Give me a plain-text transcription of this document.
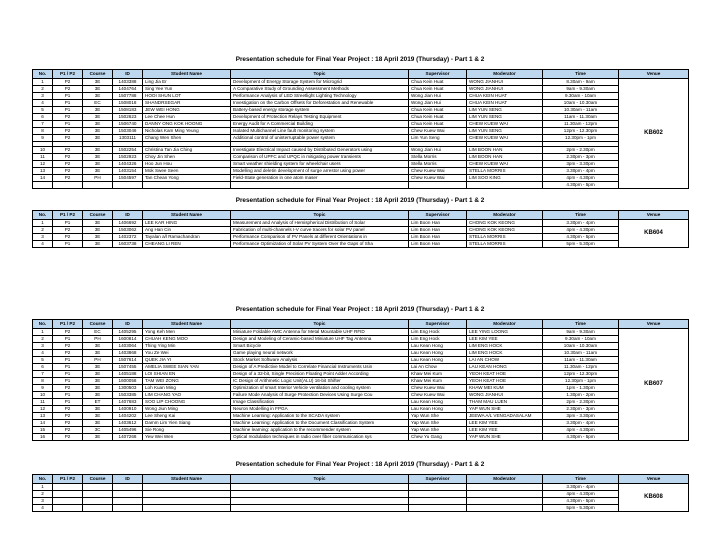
Presentation schedule for Final Year Project : 18 April 2019 (Thursday) - Part 1 & 2
No.	P1 / P2	Course	ID	Student Name	Topic	Supervisor	Moderator	Time	Venue
1	P2	3E	1403388	Ling Jia Er	Development of Energy Storage System for Microgrid	Chua Kein Huat	WONG JIANHUI	8.30am - 9am	KB602
2	P2	3E	1404764	Sing Yee Yun	A Comparative Study of Grounding Assessment Methods	Chua Kein Huat	WONG JIANHUI	9am - 9.30am	
3	P1	3E	1507788	HOOI SHUN LOT	Performance Analysis of LED Streetlight Lighting Technology	Wong Jian Hui	CHUA KEIN HUAT	9.30am - 10am	
4	P1	EC	1508018	SHANDRSEGAR	Investigation on the Carbon Offsets for Deforestation and Renewable	Wong Jian Hui	CHUA KEIN HUAT	10am - 10.30am	
5	P1	3E	1508183	JEW WEI HONG	Battery-based energy storage system	Chua Kein Huat	LIM YUN SENG	10.30am - 11am	
6	P2	3E	1502623	Lee Chee Hun	Development of Protection Relays Testing Equipment	Chua Kein Huat	LIM YUN SENG	11am - 11.30am	
7	P1	3E	1506740	DANNY ONG KOK HOONG	Energy Audit for A Commercial Building	Chua Kein Huat	CHEW KUEW WAI	11.30am - 12pm	
8	P2	3E	1503046	Nicholas Kam Ming Yeung	Isolated Multichannel Line fault monitoring system	Chew Kuew Wai	LIM YUN SENG	12pm - 12.30pm	
9	P2	3E	1303111	Chang Wen Shen	Additional control of uninterruptable power system	Lim Yun Seng	CHEW KUEW WAI	12.30pm - 1pm	

10	P2	3E	1502254	Christina Tan Jia Ching	Investigate Electrical Impact caused by Distributed Generators using	Wong Jian Hui	LIM BOON HAN	2pm - 2.30pm	
11	P2	3E	1502923	Choy Jin Shen	Comparison of UPFC and UPQC in mitigating power transients	Stella Morris	LIM BOON HAN	2.30pm - 3pm	
12	P2	3E	1404326	Hoo Jun Hou	Smart weather shielding system for wheelchair users	Stella Morris	CHEW KUEW WAI	3pm - 3.30pm	
13	P2	3E	1403154	Mok Swee Seen	Modelling and deletin development of surge arrestor using power	Chew Kuew Wai	STELLA MORRIS	3.30pm - 4pm	
14	P2	PH	1504597	Tan Chean Yong	Field-State generation in one atom maser	Chew Kuew Wai	LIM SOO KING	4pm - 4.30pm	
								4.30pm - 5pm	
Presentation schedule for Final Year Project : 18 April 2019 (Thursday) - Part 1 & 2
No.	P1 / P2	Course	ID	Student Name	Topic	Supervisor	Moderator	Time	Venue
1	P1	3E	1406692	LEE KAR HING	Measurement and Analysis of Hemispherical Distribution of Solar	Lim Boon Han	CHONG KOK KEONG	3.30pm - 4pm	KB604
2	P2	3E	1503062	Ang Han Cin	Fabrication of multi-channels I-V curve tracers for solar PV panel	Lim Boon Han	CHONG KOK KEONG	4pm - 4.30pm	
3	P2	3E	1402372	Tayalan a/l Ramachandran	Performance Comparison of PV Panels at different Orientations in	Lim Boon Han	STELLA MORRIS	4.30pm - 5pm	
4	P1	3E	1603738	CHEANG LI REN	Performance Optimization of Solar PV System Over the Gaps of Sha	Lim Boon Han	STELLA MORRIS	5pm - 5.30pm	
Presentation schedule for Final Year Project : 18 April 2019 (Thursday) - Part 1 & 2
No.	P1 / P2	Course	ID	Student Name	Topic	Supervisor	Moderator	Time	Venue
1	P2	EC	1405295	Yong Keh Men	Miniature Foldable AMC Antenna for Metal Mountable UHF RFID	Lim Eng Hock	LEE YING LOONG	9am - 9.30am	KB607
2	P1	PH	1600814	CHUAH KENG MOO	Design and Modeling of Ceramic-based Miniature UHF Tag Antenna	Lim Eng Hock	LEE KIM YEE	9.30am - 10am	
3	P2	3E	1403064	Thing Ying Min	Smart Bicycle	Lau Kean Hong	LIM ENG HOCK	10am - 10.30am	
4	P2	3E	1403868	You Ze Wei	Game playing neural network	Lau Kean Hong	LIM ENG HOCK	10.30am - 11am	
5	P1	PH	1507614	QUEK JIA YI	Stock Market Software Analysis	Lau Kean Hong	LAI AN CHOW	11am - 11.30am	
6	P1	3E	1507455	AMELIA SWEE SIAN YAN	Design of A Predictive Model to Correlate Financial Instruments Usin	Lai An Chow	LAU KEAN HONG	11.30am - 12pm	
7	P1	3E	1405188	LOI SHIAN EN	Design of a 32-bit, Single Precision Floating Point Adder According	Khaw Mei Kum	YEOH KEAT HOE	12pm - 12.30pm	
8	P1	3E	1600058	TAM WEI ZONG	IC Design of Arithmetic Logic Unit(ALU) 16-bit Shifter	Khaw Mei Kum	YEOH KEAT HOE	12.30pm - 1pm	
9	P2	3E	1300503	Loh Kuan Ming	Optimization of smart Interior Vehicle ventilation and cooling system	Chew Kuew Wai	KHAW MEI KUM	1pm - 1.30pm	
10	P1	3E	1503385	LIM CHANG YAO	Failure Mode Analysis of Surge Protection Devices Using Surge Cou	Chew Kuew Wai	WONG JIANHUI	1.30pm - 2pm	
11	P1	ET	1407683	SOO LIP CHOONG	Image Classification	Lau Kean Hong	THAM MAU LUEN	2pm - 2.30pm	
12	P2	3E	1400910	Wong Jiun Ming	Neuron Modelling in FPGA	Lau Kean Hong	YAP WUN SHE	2.30pm - 3pm	
13	P2	3E	1404202	Lee Sheng Kai	Machine Learning: Application to the SCADA system	Yap Wun She	JEEWA A/L VENGADASALAM	3pm - 3.30pm	
14	P2	3E	1403612	Damm Lim Yien Siang	Machine Learning: Application to the Document Classification System	Yap Wun She	LEE KIM YEE	3.30pm - 4pm	
15	P2	3C	1405496	Sie Rong	Machine learning: application to the recommender system	Yap Wun She	LEE KIM YEE	4pm - 4.30pm	
16	P2	3E	1407268	Yew Wei Wen	Optical modulation techniques in radio over fiber communication sys	Chew Yu Gang	YAP WUN SHE	4.30pm - 5pm	
Presentation schedule for Final Year Project : 18 April 2019 (Thursday) - Part 1 & 2
No.	P1 / P2	Course	ID	Student Name	Topic	Supervisor	Moderator	Time	Venue
1								3.30pm - 4pm	KB608
2								4pm - 4.30pm	
3								4.30pm - 5pm	
4								5pm - 5.30pm	
